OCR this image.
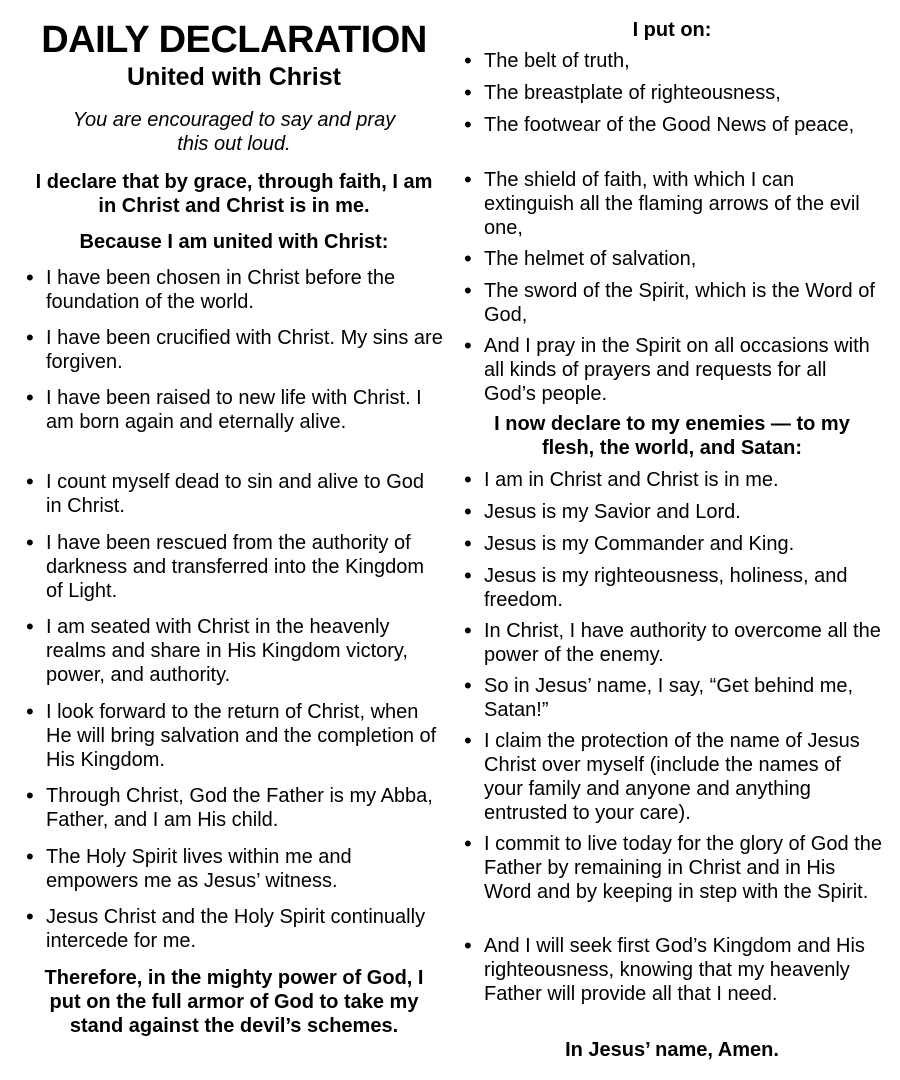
DAILY DECLARATION
United with Christ
You are encouraged to say and pray this out loud.
I declare that by grace, through faith, I am in Christ and Christ is in me.
Because I am united with Christ:
• I have been chosen in Christ before the foundation of the world.
• I have been crucified with Christ. My sins are forgiven.
• I have been raised to new life with Christ. I am born again and eternally alive.
• I count myself dead to sin and alive to God in Christ.
• I have been rescued from the authority of darkness and transferred into the Kingdom of Light.
• I am seated with Christ in the heavenly realms and share in His Kingdom victory, power, and authority.
• I look forward to the return of Christ, when He will bring salvation and the completion of His Kingdom.
• Through Christ, God the Father is my Abba, Father, and I am His child.
• The Holy Spirit lives within me and empowers me as Jesus’ witness.
• Jesus Christ and the Holy Spirit continually intercede for me.
Therefore, in the mighty power of God, I put on the full armor of God to take my stand against the devil’s schemes.
I put on:
• The belt of truth,
• The breastplate of righteousness,
• The footwear of the Good News of peace,
• The shield of faith, with which I can extinguish all the flaming arrows of the evil one,
• The helmet of salvation,
• The sword of the Spirit, which is the Word of God,
• And I pray in the Spirit on all occasions with all kinds of prayers and requests for all God’s people.
I now declare to my enemies — to my flesh, the world, and Satan:
• I am in Christ and Christ is in me.
• Jesus is my Savior and Lord.
• Jesus is my Commander and King.
• Jesus is my righteousness, holiness, and freedom.
• In Christ, I have authority to overcome all the power of the enemy.
• So in Jesus’ name, I say, “Get behind me, Satan!”
• I claim the protection of the name of Jesus Christ over myself (include the names of your family and anyone and anything entrusted to your care).
• I commit to live today for the glory of God the Father by remaining in Christ and in His Word and by keeping in step with the Spirit.
• And I will seek first God’s Kingdom and His righteousness, knowing that my heavenly Father will provide all that I need.
In Jesus’ name, Amen.
